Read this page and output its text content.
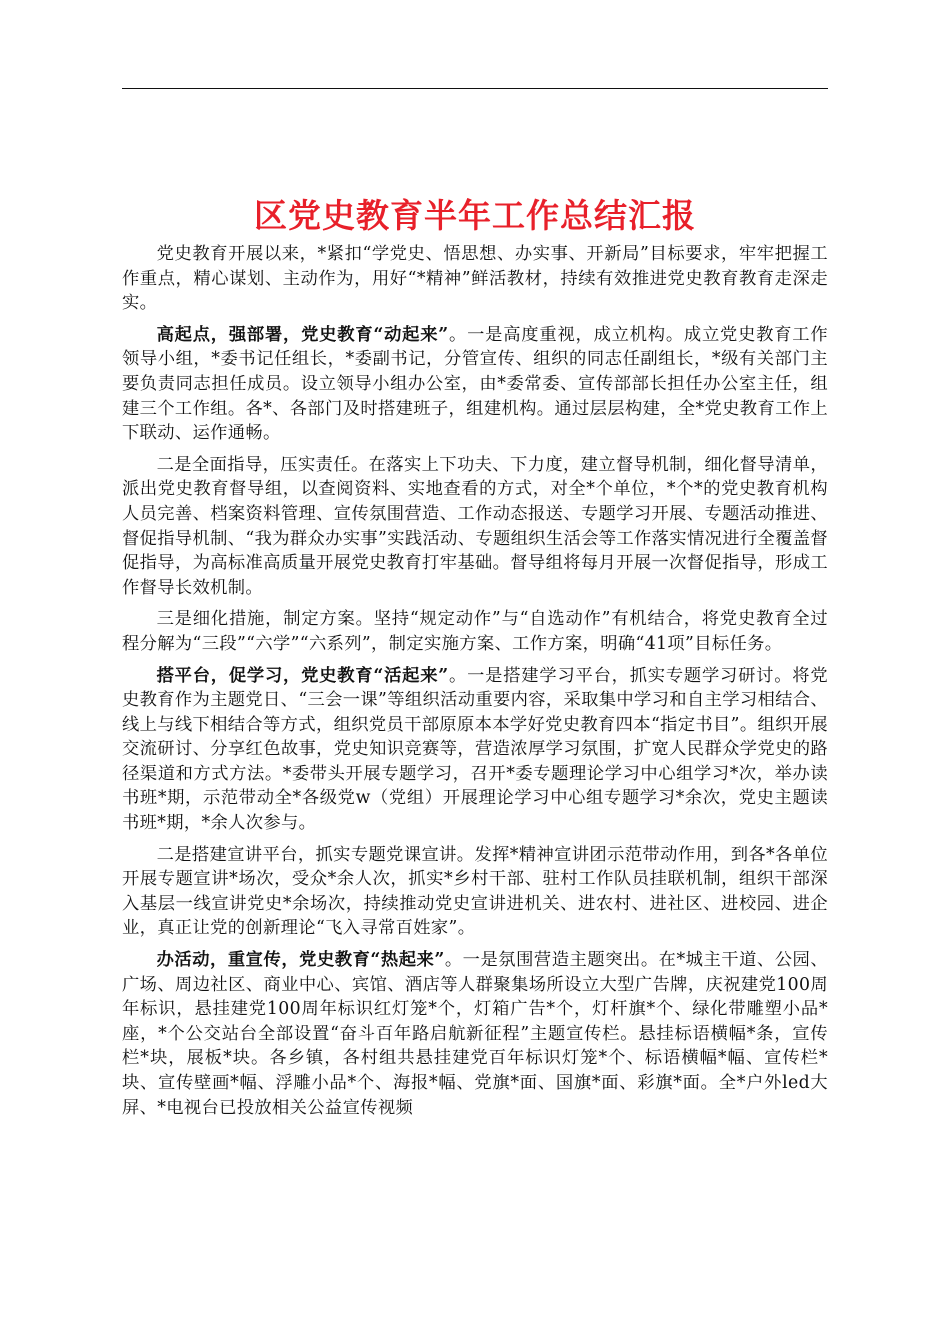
区党史教育半年工作总结汇报

党史教育开展以来，*紧扣“学党史、悟思想、办实事、开新局”目标要求，牢牢把握工作重点，精心谋划、主动作为，用好“*精神”鲜活教材，持续有效推进党史教育教育走深走实。

高起点，强部署，党史教育“动起来”。一是高度重视，成立机构。成立党史教育工作领导小组，*委书记任组长，*委副书记，分管宣传、组织的同志任副组长，*级有关部门主要负责同志担任成员。设立领导小组办公室，由*委常委、宣传部部长担任办公室主任，组建三个工作组。各*、各部门及时搭建班子，组建机构。通过层层构建，全*党史教育工作上下联动、运作通畅。

二是全面指导，压实责任。在落实上下功夫、下力度，建立督导机制，细化督导清单，派出党史教育督导组，以查阅资料、实地查看的方式，对全*个单位，*个*的党史教育机构人员完善、档案资料管理、宣传氛围营造、工作动态报送、专题学习开展、专题活动推进、督促指导机制、“我为群众办实事”实践活动、专题组织生活会等工作落实情况进行全覆盖督促指导，为高标准高质量开展党史教育打牢基础。督导组将每月开展一次督促指导，形成工作督导长效机制。

三是细化措施，制定方案。坚持“规定动作”与“自选动作”有机结合，将党史教育全过程分解为“三段”“六学”“六系列”，制定实施方案、工作方案，明确“41项”目标任务。

搭平台，促学习，党史教育“活起来”。一是搭建学习平台，抓实专题学习研讨。将党史教育作为主题党日、“三会一课”等组织活动重要内容，采取集中学习和自主学习相结合、线上与线下相结合等方式，组织党员干部原原本本学好党史教育四本“指定书目”。组织开展交流研讨、分享红色故事，党史知识竞赛等，营造浓厚学习氛围，扩宽人民群众学党史的路径渠道和方式方法。*委带头开展专题学习，召开*委专题理论学习中心组学习*次，举办读书班*期，示范带动全*各级党w（党组）开展理论学习中心组专题学习*余次，党史主题读书班*期，*余人次参与。

二是搭建宣讲平台，抓实专题党课宣讲。发挥*精神宣讲团示范带动作用，到各*各单位开展专题宣讲*场次，受众*余人次，抓实*乡村干部、驻村工作队员挂联机制，组织干部深入基层一线宣讲党史*余场次，持续推动党史宣讲进机关、进农村、进社区、进校园、进企业，真正让党的创新理论“飞入寻常百姓家”。

办活动，重宣传，党史教育“热起来”。一是氛围营造主题突出。在*城主干道、公园、广场、周边社区、商业中心、宾馆、酒店等人群聚集场所设立大型广告牌，庆祝建党100周年标识，悬挂建党100周年标识红灯笼*个，灯箱广告*个，灯杆旗*个、绿化带雕塑小品*座，*个公交站台全部设置“奋斗百年路启航新征程”主题宣传栏。悬挂标语横幅*条，宣传栏*块，展板*块。各乡镇，各村组共悬挂建党百年标识灯笼*个、标语横幅*幅、宣传栏*块、宣传壁画*幅、浮雕小品*个、海报*幅、党旗*面、国旗*面、彩旗*面。全*户外led大屏、*电视台已投放相关公益宣传视频
